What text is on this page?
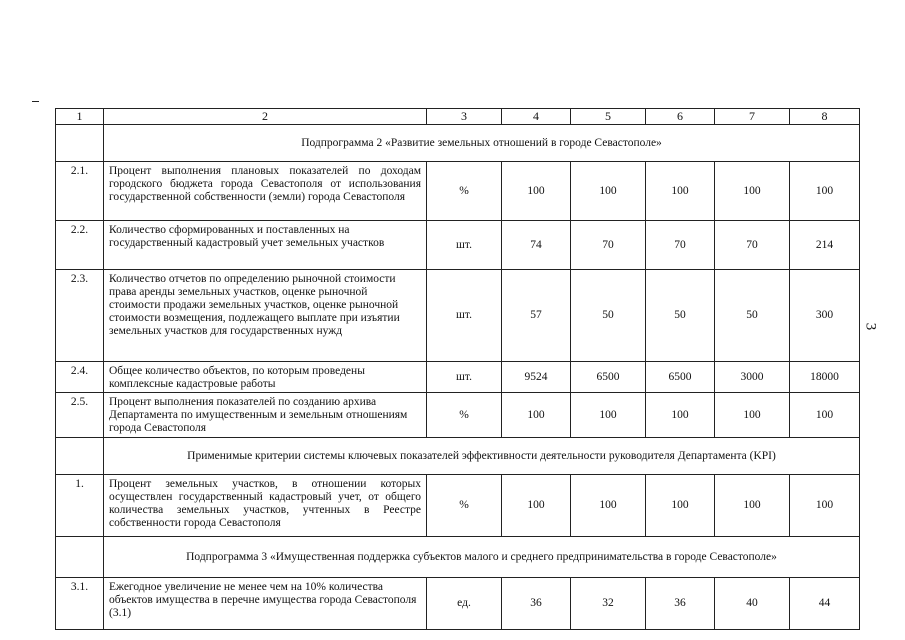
3
1	2	3	4	5	6	7	8
	Подпрограмма 2 «Развитие земельных отношений в городе Севастополе»						
2.1.	Процент выполнения плановых показателей по доходам городского бюджета города Севастополя от использования государственной собственности (земли) города Севастополя	%	100	100	100	100	100
2.2.	Количество сформированных и поставленных на государственный кадастровый учет земельных участков	шт.	74	70	70	70	214
2.3.	Количество отчетов по определению рыночной стоимости права аренды земельных участков, оценке рыночной стоимости продажи земельных участков, оценке рыночной стоимости возмещения, подлежащего выплате при изъятии земельных участков для государственных нужд	шт.	57	50	50	50	300
2.4.	Общее количество объектов, по которым проведены комплексные кадастровые работы	шт.	9524	6500	6500	3000	18000
2.5.	Процент выполнения показателей по созданию архива Департамента по имущественным и земельным отношениям города Севастополя	%	100	100	100	100	100
	Применимые критерии системы ключевых показателей эффективности деятельности руководителя Департамента (KPI)						
1.	Процент земельных участков, в отношении которых осуществлен государственный кадастровый учет, от общего количества земельных участков, учтенных в Реестре собственности города Севастополя	%	100	100	100	100	100
	Подпрограмма 3 «Имущественная поддержка субъектов малого и среднего предпринимательства в городе Севастополе»						
3.1.	Ежегодное увеличение не менее чем на 10% количества объектов имущества в перечне имущества города Севастополя (3.1)	ед.	36	32	36	40	44
